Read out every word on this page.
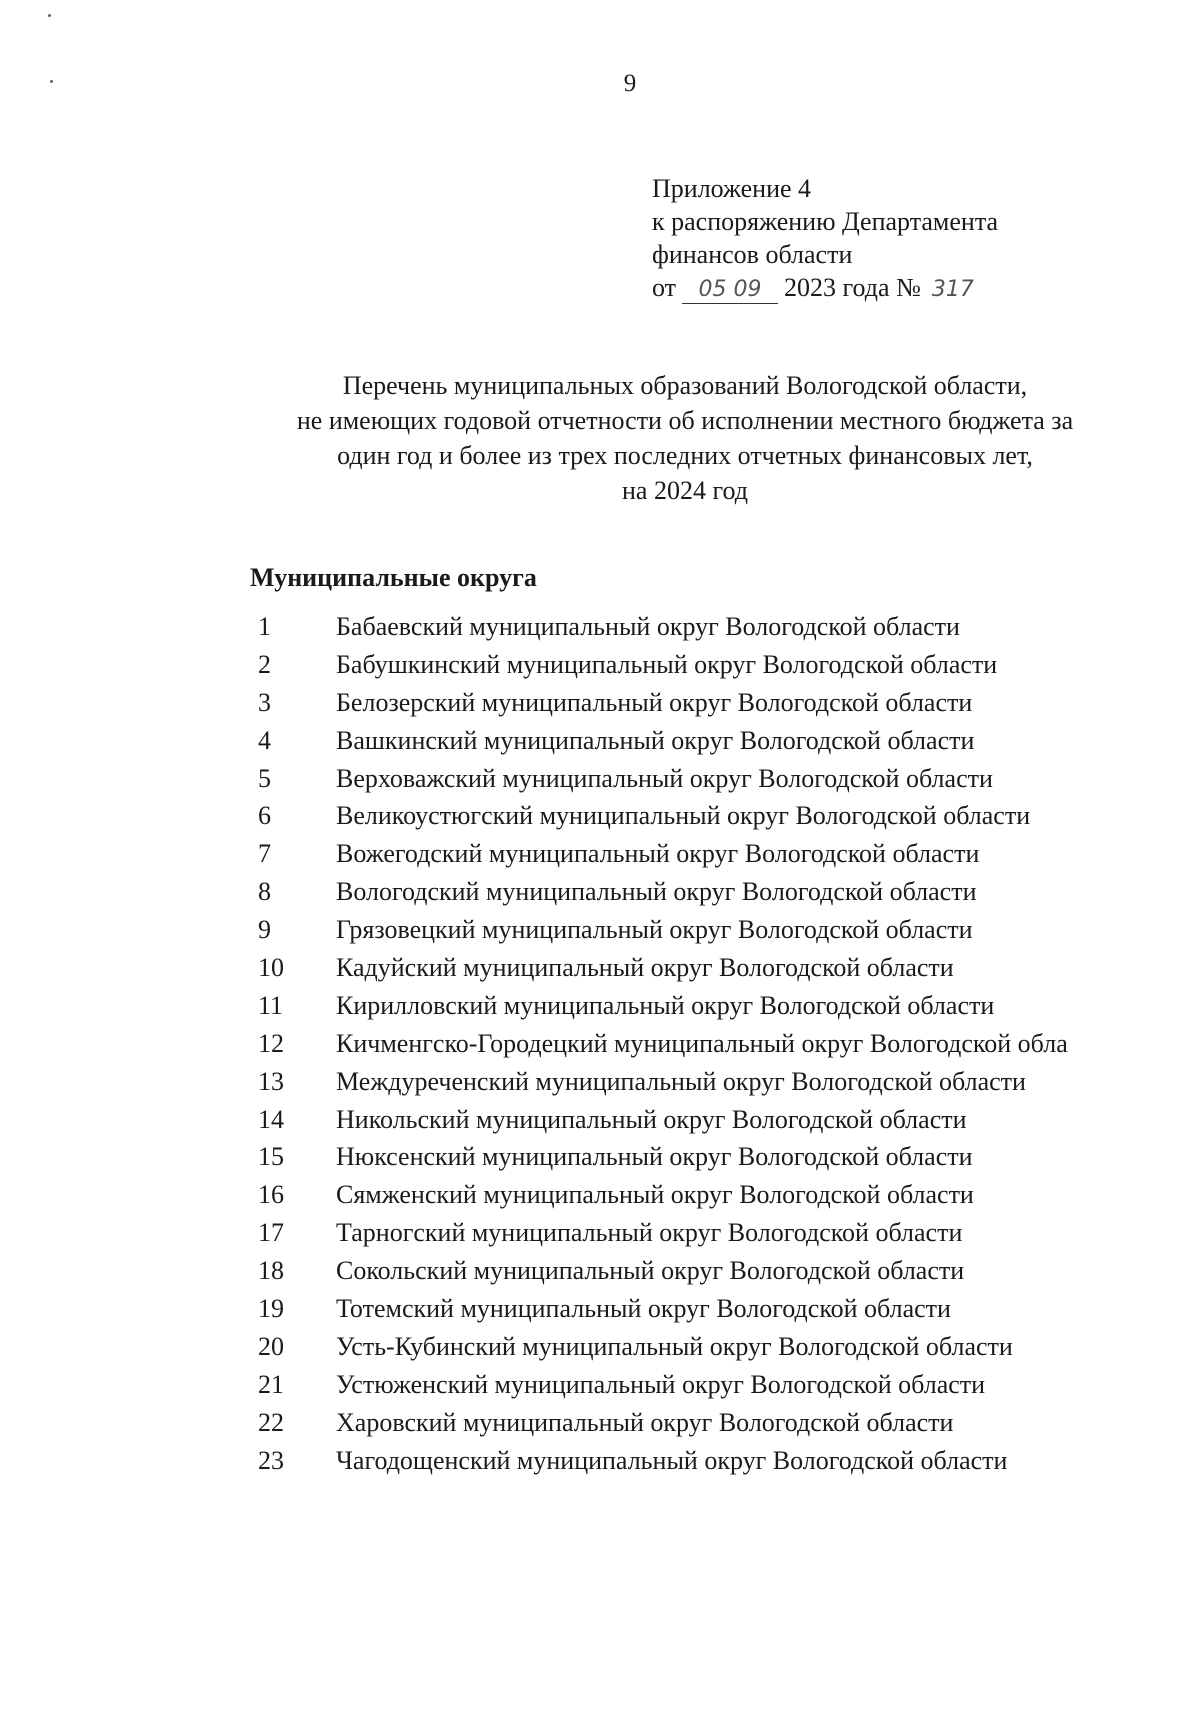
9
Приложение 4
к распоряжению Департамента
финансов области
от 05 09 2023 года № 317
Перечень муниципальных образований Вологодской области,
не имеющих годовой отчетности об исполнении местного бюджета за
один год и более из трех последних отчетных финансовых лет,
на 2024 год
Муниципальные округа
1	Бабаевский муниципальный округ Вологодской области
2	Бабушкинский муниципальный округ Вологодской области
3	Белозерский муниципальный округ Вологодской области
4	Вашкинский муниципальный округ Вологодской области
5	Верховажский муниципальный округ Вологодской области
6	Великоустюгский муниципальный округ Вологодской области
7	Вожегодский муниципальный округ Вологодской области
8	Вологодский муниципальный округ Вологодской области
9	Грязовецкий муниципальный округ Вологодской области
10	Кадуйский муниципальный округ Вологодской области
11	Кирилловский муниципальный округ Вологодской области
12	Кичменгско-Городецкий муниципальный округ Вологодской обла
13	Междуреченский муниципальный округ Вологодской области
14	Никольский муниципальный округ Вологодской области
15	Нюксенский муниципальный округ Вологодской области
16	Сямженский муниципальный округ Вологодской области
17	Тарногский муниципальный округ Вологодской области
18	Сокольский муниципальный округ Вологодской области
19	Тотемский муниципальный округ Вологодской области
20	Усть-Кубинский муниципальный округ Вологодской области
21	Устюженский муниципальный округ Вологодской области
22	Харовский муниципальный округ Вологодской области
23	Чагодощенский муниципальный округ Вологодской области
